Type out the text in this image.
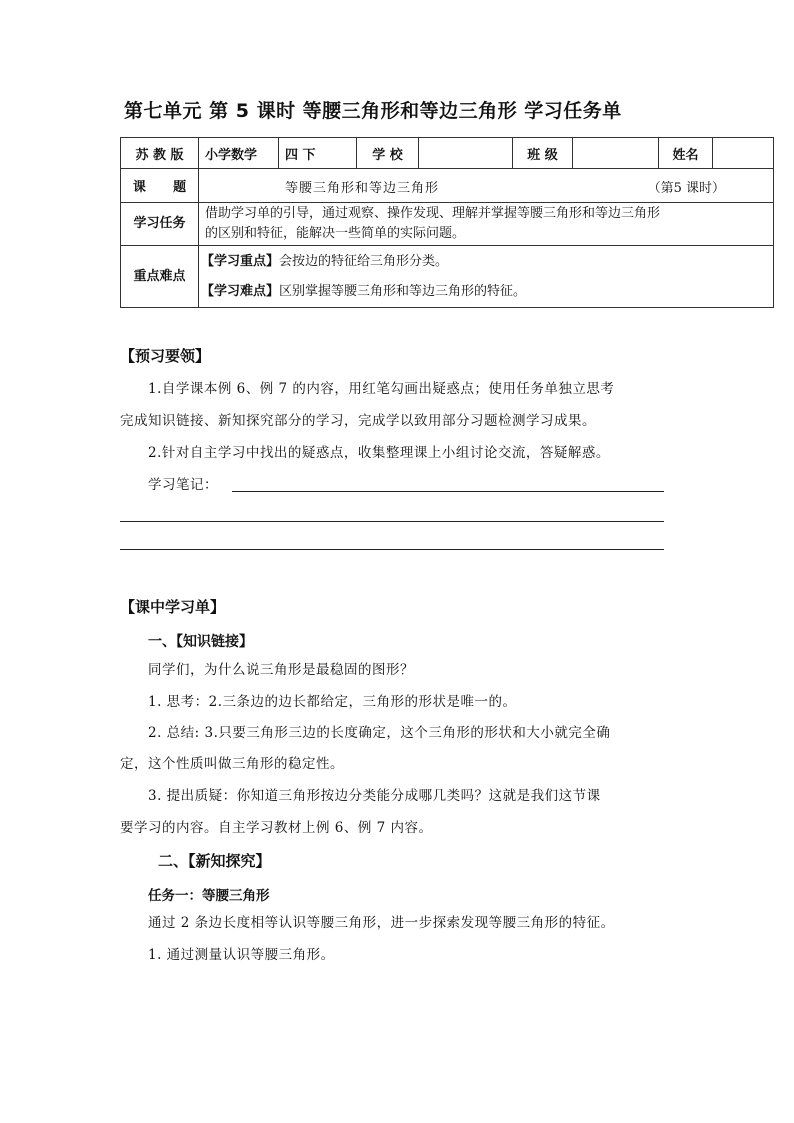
第七单元 第 5 课时 等腰三角形和等边三角形 学习任务单
苏 教 版	小学数学	四 下	学 校		班 级		姓名	
课      题	等腰三角形和等边三角形 （第5 课时）							

学习任务	借助学习单的引导，通过观察、操作发现、理解并掌握等腰三角形和等边三角形
的区别和特征，能解决一些简单的实际问题。							

重点难点	【学习重点】会按边的特征给三角形分类。
【学习难点】区别掌握等腰三角形和等边三角形的特征。							
【预习要领】
1.自学课本例 6、例 7 的内容，用红笔勾画出疑惑点；使用任务单独立思考
完成知识链接、新知探究部分的学习，完成学以致用部分习题检测学习成果。
2.针对自主学习中找出的疑惑点，收集整理课上小组讨论交流，答疑解惑。
学习笔记：
【课中学习单】
一、【知识链接】
同学们，为什么说三角形是最稳固的图形？
1. 思考：2.三条边的边长都给定，三角形的形状是唯一的。
2. 总结: 3.只要三角形三边的长度确定，这个三角形的形状和大小就完全确
定，这个性质叫做三角形的稳定性。
3. 提出质疑：你知道三角形按边分类能分成哪几类吗？这就是我们这节课
要学习的内容。自主学习教材上例 6、例 7 内容。
二、【新知探究】
任务一：等腰三角形
通过 2 条边长度相等认识等腰三角形，进一步探索发现等腰三角形的特征。
1. 通过测量认识等腰三角形。
